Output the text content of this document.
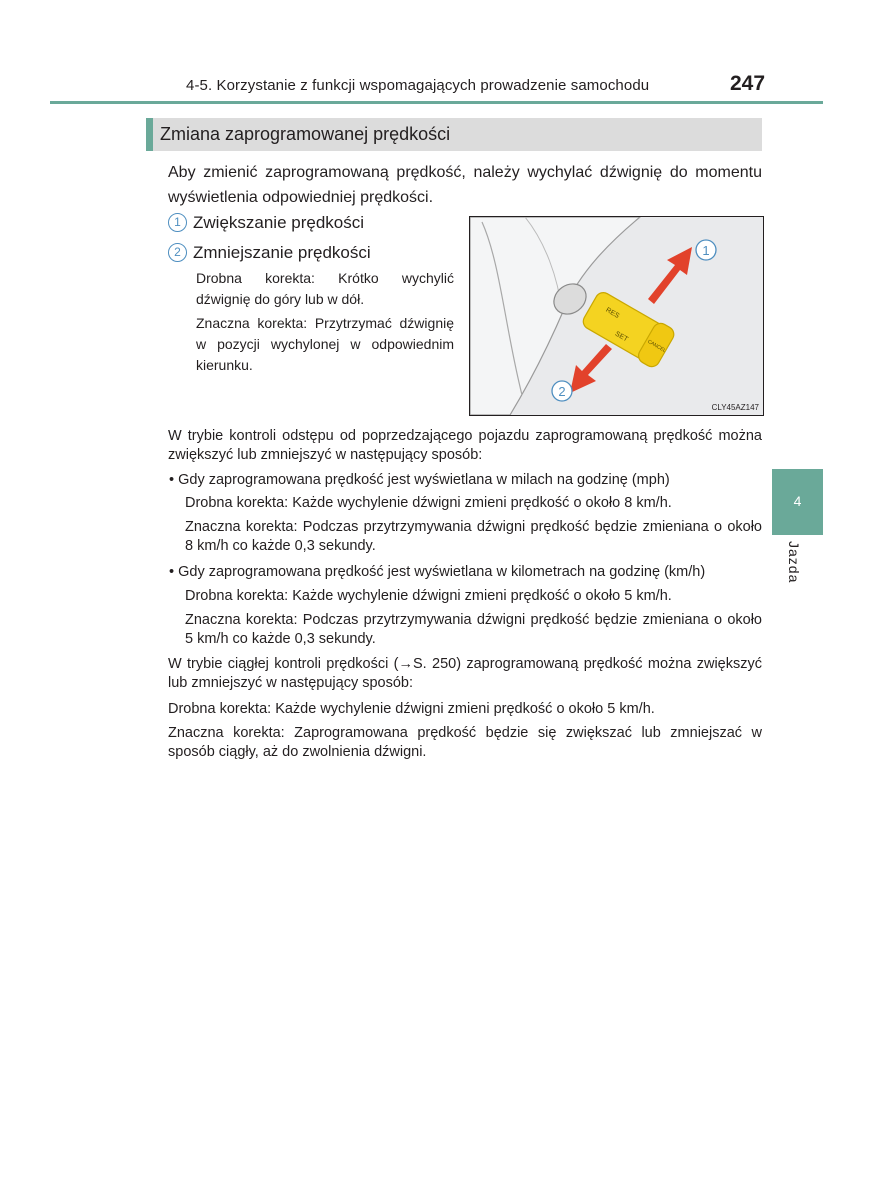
4-5. Korzystanie z funkcji wspomagających prowadzenie samochodu	247
Zmiana zaprogramowanej prędkości
Aby zmienić zaprogramowaną prędkość, należy wychylać dźwignię do momentu wyświetlenia odpowiedniej prędkości.
1 Zwiększanie prędkości
2 Zmniejszanie prędkości
Drobna korekta: Krótko wychylić dźwignię do góry lub w dół.
Znaczna korekta: Przytrzymać dźwignię w pozycji wychylonej w odpowiednim kierunku.
RES
SET
CANCEL
1
2
CLY45AZ147
W trybie kontroli odstępu od poprzedzającego pojazdu zaprogramowaną prędkość można zwiększyć lub zmniejszyć w następujący sposób:
• Gdy zaprogramowana prędkość jest wyświetlana w milach na godzinę (mph)
Drobna korekta: Każde wychylenie dźwigni zmieni prędkość o około 8 km/h.
Znaczna korekta: Podczas przytrzymywania dźwigni prędkość będzie zmieniana o około 8 km/h co każde 0,3 sekundy.
• Gdy zaprogramowana prędkość jest wyświetlana w kilometrach na godzinę (km/h)
Drobna korekta: Każde wychylenie dźwigni zmieni prędkość o około 5 km/h.
Znaczna korekta: Podczas przytrzymywania dźwigni prędkość będzie zmieniana o około 5 km/h co każde 0,3 sekundy.
W trybie ciągłej kontroli prędkości (→S. 250) zaprogramowaną prędkość można zwiększyć lub zmniejszyć w następujący sposób:
Drobna korekta: Każde wychylenie dźwigni zmieni prędkość o około 5 km/h.
Znaczna korekta: Zaprogramowana prędkość będzie się zwiększać lub zmniejszać w sposób ciągły, aż do zwolnienia dźwigni.
4
Jazda
